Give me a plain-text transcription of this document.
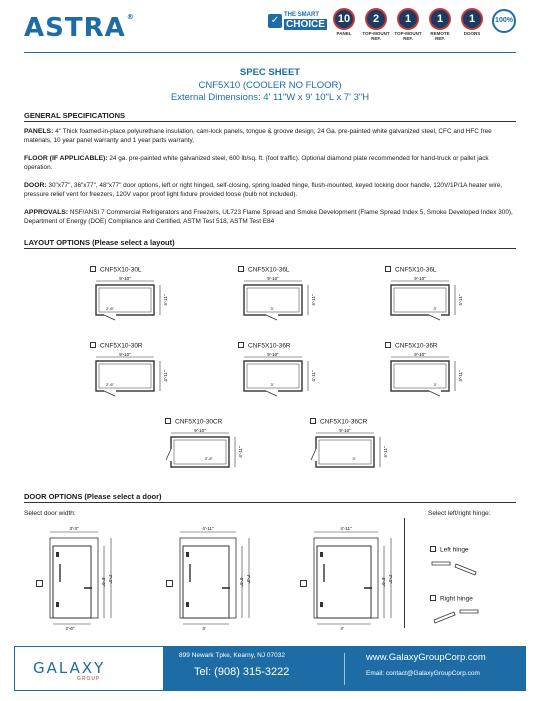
ASTRA®	✓ THE SMART
CHOICE	10
PANEL
2
TOP-MOUNT REF.
1
TOP-MOUNT REF.
1
REMOTE REF.
1
DOORS
100%
SPEC SHEET
CNF5X10 (COOLER NO FLOOR)
External Dimensions: 4' 11"W x 9' 10"L x 7' 3"H
GENERAL SPECIFICATIONS
PANELS: 4" Thick foamed-in-place polyurethane insulation, cam-lock panels, tongue & groove design, 24 Ga. pre-painted white galvanized steel, CFC and HFC free materials, 10 year panel warranty and 1 year parts warranty,
FLOOR (IF APPLICABLE): 24 ga. pre-painted white galvanized steel, 600 lb/sq. ft. (foot traffic). Optional diamond plate recommended for hand-truck or pallet jack operation.
DOOR: 30"x77", 36"x77", 48"x77" door options, left or right hinged, self-closing, spring loaded hinge, flush-mounted, keyed locking door handle, 120V/1P/1A heater wire, pressure relief vent for freezers, 120V vapor proof light fixture provided loose (bulb not included).
APPROVALS: NSF/ANSI 7 Commercial Refrigerators and Freezers, UL723 Flame Spread and Smoke Development (Flame Spread Index 5, Smoke Developed Index 300), Department of Energy (DOE) Compliance and Certified, ASTM Test 518, ASTM Test E84
LAYOUT OPTIONS (Please select a layout)
CNF5X10-30L
9'-10"
4'-11"
2'-6"
CNF5X10-36L
9'-10"
4'-11"
3'
CNF5X10-36L
9'-10"
4'-11"
3'
CNF5X10-30R
9'-10"
4'-11"
2'-6"
CNF5X10-36R
9'-10"
4'-11"
3'
CNF5X10-36R
9'-10"
4'-11"
3'
CNF5X10-30CR
9'-10"
4'-11"
2'-6"
CNF5X10-36CR
9'-10"
4'-11"
3'
DOOR OPTIONS (Please select a door)
Select door width:	Select left/right hinge:
3'-3"
2'-6"
6'-5" 7'-3"
4'-11"
3'
6'-5" 7'-3"
4'-11"
4'
6'-5" 7'-3"
Left hinge
Right hinge
GALAXY
GROUP
899 Newark Tpke, Kearny, NJ 07032
Tel: (908) 315-3222
www.GalaxyGroupCorp.com
Email: contact@GalaxyGroupCorp.com
